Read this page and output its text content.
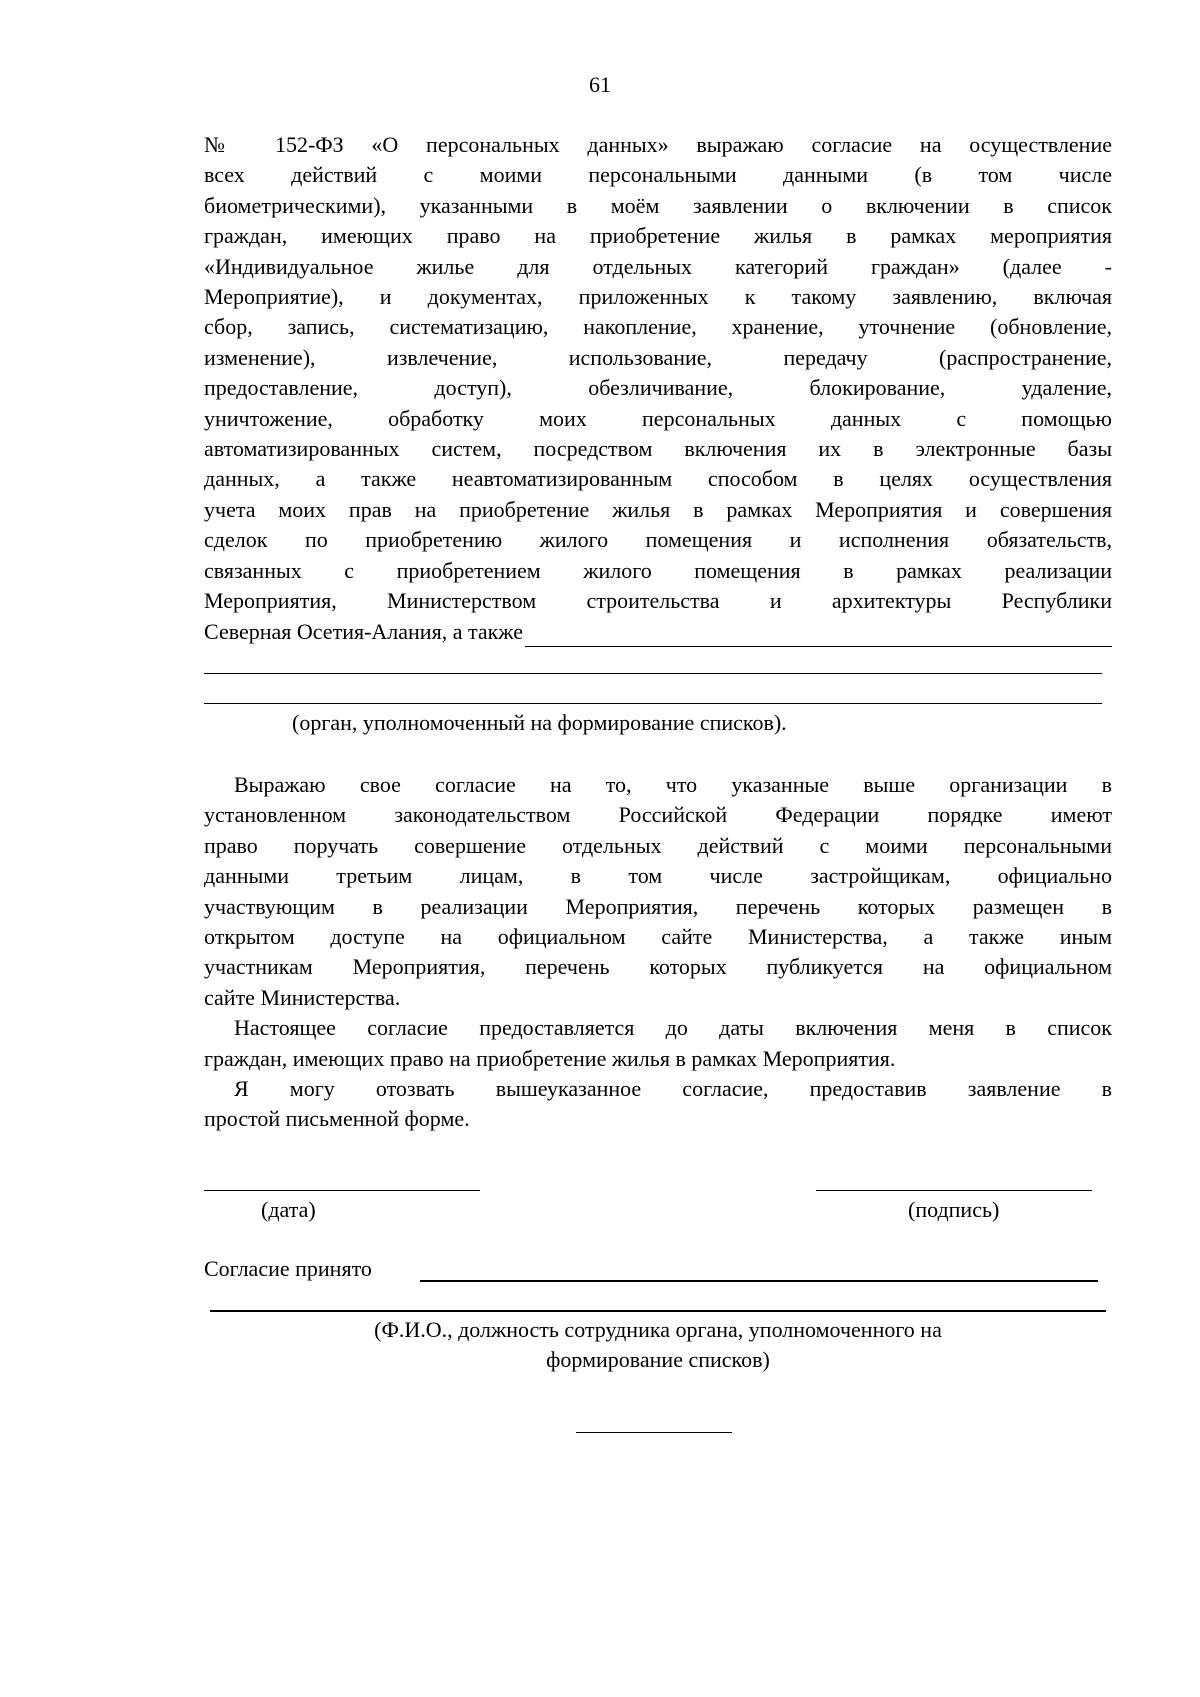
61
№ 152-ФЗ «О персональных данных» выражаю согласие на осуществление
всех действий с моими персональными данными (в том числе
биометрическими), указанными в моём заявлении о включении в список
граждан, имеющих право на приобретение жилья в рамках мероприятия
«Индивидуальное жилье для отдельных категорий граждан» (далее -
Мероприятие), и документах, приложенных к такому заявлению, включая
сбор, запись, систематизацию, накопление, хранение, уточнение (обновление,
изменение), извлечение, использование, передачу (распространение,
предоставление, доступ), обезличивание, блокирование, удаление,
уничтожение, обработку моих персональных данных с помощью
автоматизированных систем, посредством включения их в электронные базы
данных, а также неавтоматизированным способом в целях осуществления
учета моих прав на приобретение жилья в рамках Мероприятия и совершения
сделок по приобретению жилого помещения и исполнения обязательств,
связанных с приобретением жилого помещения в рамках реализации
Мероприятия, Министерством строительства и архитектуры Республики
Северная Осетия-Алания, а также
(орган, уполномоченный на формирование списков).
Выражаю свое согласие на то, что указанные выше организации в
установленном законодательством Российской Федерации порядке имеют
право поручать совершение отдельных действий с моими персональными
данными третьим лицам, в том числе застройщикам, официально
участвующим в реализации Мероприятия, перечень которых размещен в
открытом доступе на официальном сайте Министерства, а также иным
участникам Мероприятия, перечень которых публикуется на официальном
сайте Министерства.
Настоящее согласие предоставляется до даты включения меня в список
граждан, имеющих право на приобретение жилья в рамках Мероприятия.
Я могу отозвать вышеуказанное согласие, предоставив заявление в
простой письменной форме.
(дата)	(подпись)
Согласие принято
(Ф.И.О., должность сотрудника органа, уполномоченного на
формирование списков)
